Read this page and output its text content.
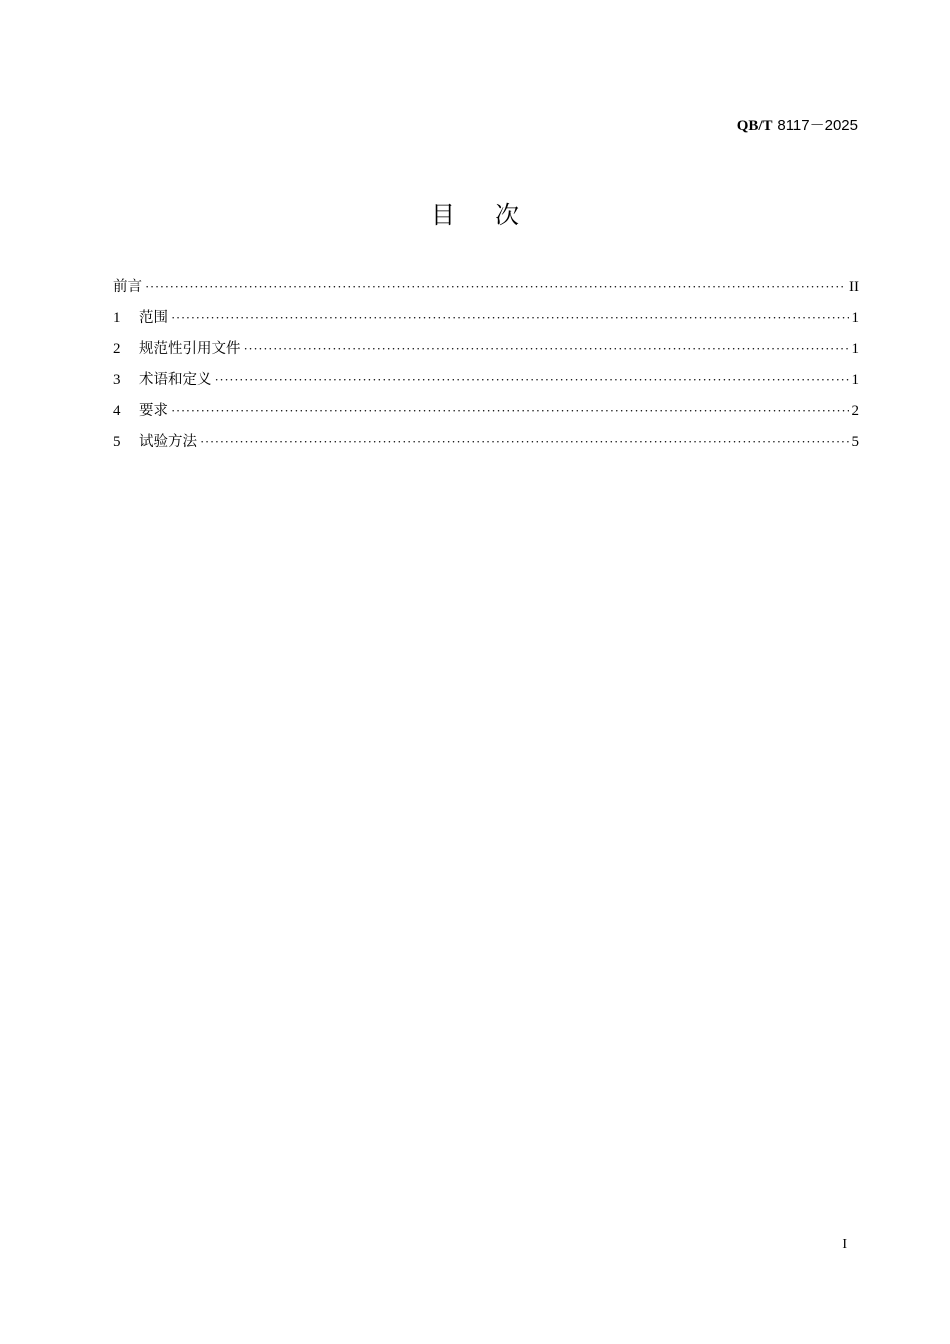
QB/T 8117－2025
目 次
前言 ·····	II
1	范围 ·····	1
2	规范性引用文件 ·····	1
3	术语和定义 ·····	1
4	要求 ·····	2
5	试验方法 ·····	5
I
